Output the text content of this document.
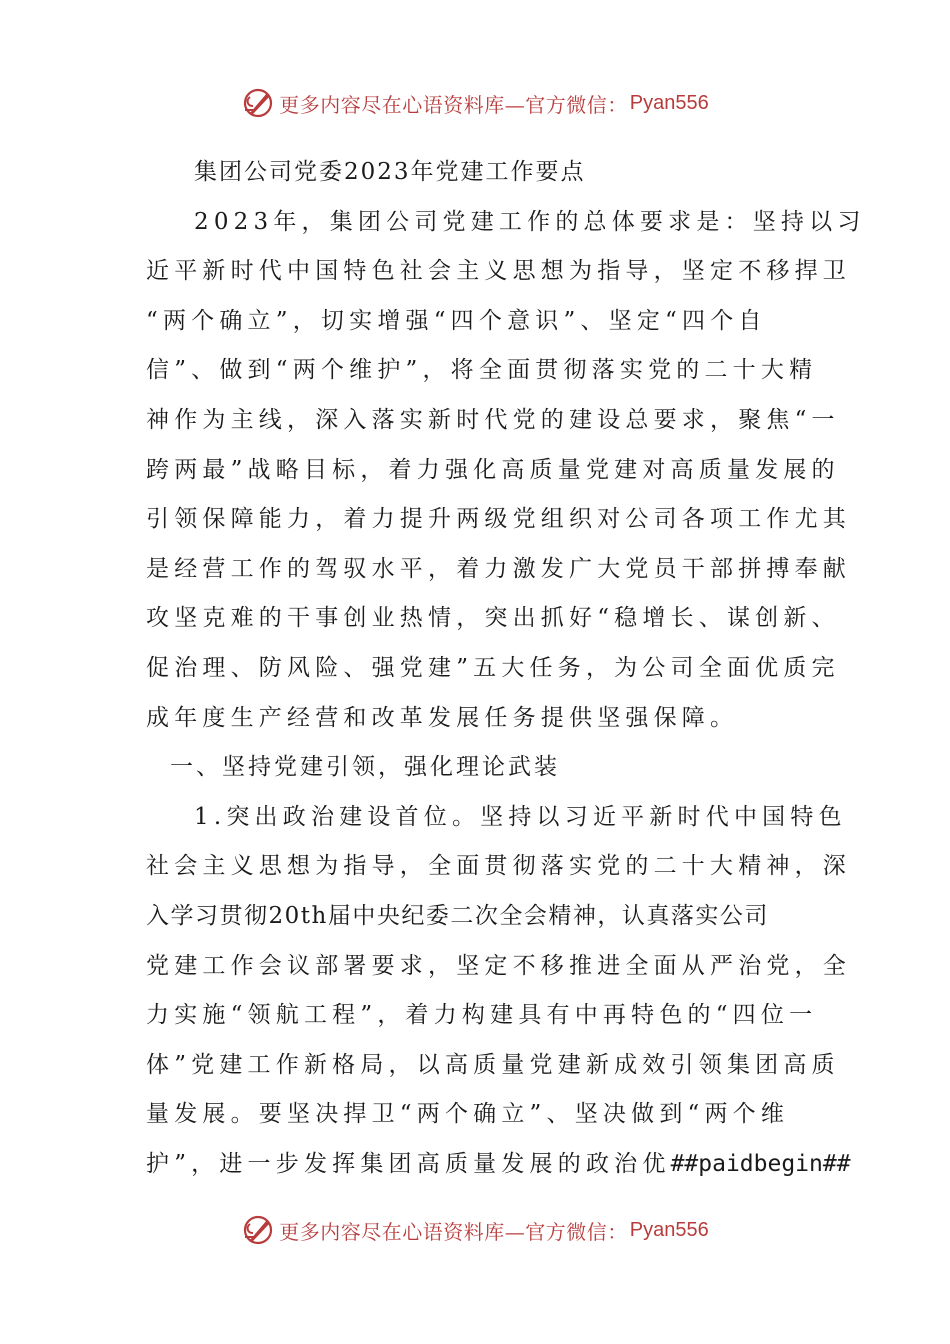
更多内容尽在心语资料库—官方微信： Pyan556
集团公司党委2023年党建工作要点
2023年，集团公司党建工作的总体要求是：坚持以习
近平新时代中国特色社会主义思想为指导，坚定不移捍卫
“两个确立”，切实增强“四个意识”、坚定“四个自
信”、做到“两个维护”，将全面贯彻落实党的二十大精
神作为主线，深入落实新时代党的建设总要求，聚焦“一
跨两最”战略目标，着力强化高质量党建对高质量发展的
引领保障能力，着力提升两级党组织对公司各项工作尤其
是经营工作的驾驭水平，着力激发广大党员干部拼搏奉献
攻坚克难的干事创业热情，突出抓好“稳增长、谋创新、
促治理、防风险、强党建”五大任务，为公司全面优质完
成年度生产经营和改革发展任务提供坚强保障。
一、坚持党建引领，强化理论武装
1.突出政治建设首位。坚持以习近平新时代中国特色
社会主义思想为指导，全面贯彻落实党的二十大精神，深
入学习贯彻20th届中央纪委二次全会精神，认真落实公司
党建工作会议部署要求，坚定不移推进全面从严治党，全
力实施“领航工程”，着力构建具有中再特色的“四位一
体”党建工作新格局，以高质量党建新成效引领集团高质
量发展。要坚决捍卫“两个确立”、坚决做到“两个维
护”，进一步发挥集团高质量发展的政治优##paidbegin##
更多内容尽在心语资料库—官方微信： Pyan556
